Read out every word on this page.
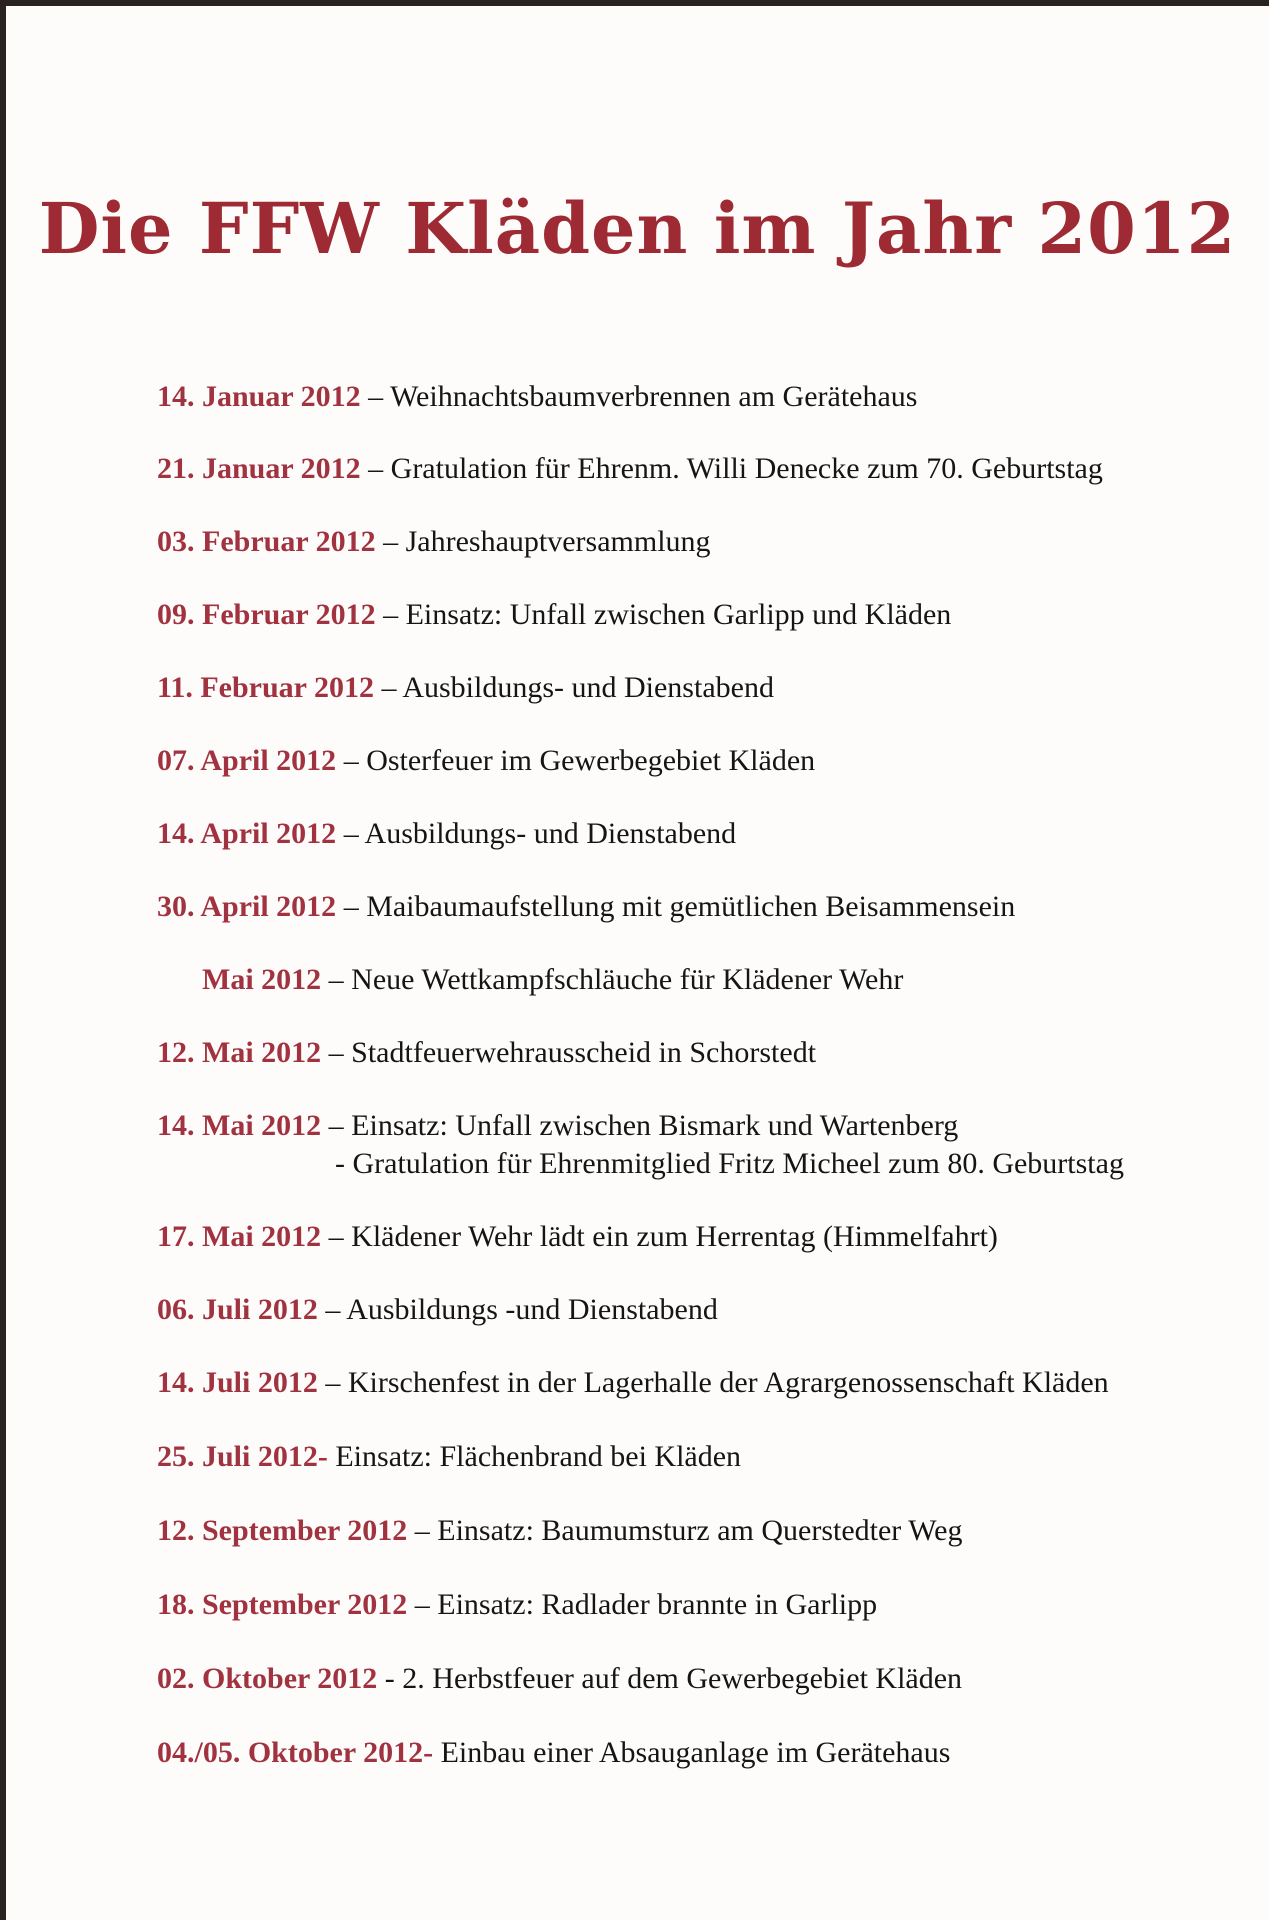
Die FFW Kläden im Jahr 2012
14. Januar 2012 – Weihnachtsbaumverbrennen am Gerätehaus
21. Januar 2012 – Gratulation für Ehrenm. Willi Denecke zum 70. Geburtstag
03. Februar 2012 – Jahreshauptversammlung
09. Februar 2012 – Einsatz: Unfall zwischen Garlipp und Kläden
11. Februar 2012 – Ausbildungs- und Dienstabend
07. April 2012 – Osterfeuer im Gewerbegebiet Kläden
14. April 2012 – Ausbildungs- und Dienstabend
30. April 2012 – Maibaumaufstellung mit gemütlichen Beisammensein
Mai 2012 – Neue Wettkampfschläuche für Klädener Wehr
12. Mai 2012 – Stadtfeuerwehrausscheid in Schorstedt
14. Mai 2012 – Einsatz: Unfall zwischen Bismark und Wartenberg
- Gratulation für Ehrenmitglied Fritz Micheel zum 80. Geburtstag
17. Mai 2012 – Klädener Wehr lädt ein zum Herrentag (Himmelfahrt)
06. Juli 2012 – Ausbildungs -und Dienstabend
14. Juli 2012 – Kirschenfest in der Lagerhalle der Agrargenossenschaft Kläden
25. Juli 2012- Einsatz: Flächenbrand bei Kläden
12. September 2012 – Einsatz: Baumumsturz am Querstedter Weg
18. September 2012 – Einsatz: Radlader brannte in Garlipp
02. Oktober 2012 - 2. Herbstfeuer auf dem Gewerbegebiet Kläden
04./05. Oktober 2012- Einbau einer Absauganlage im Gerätehaus
